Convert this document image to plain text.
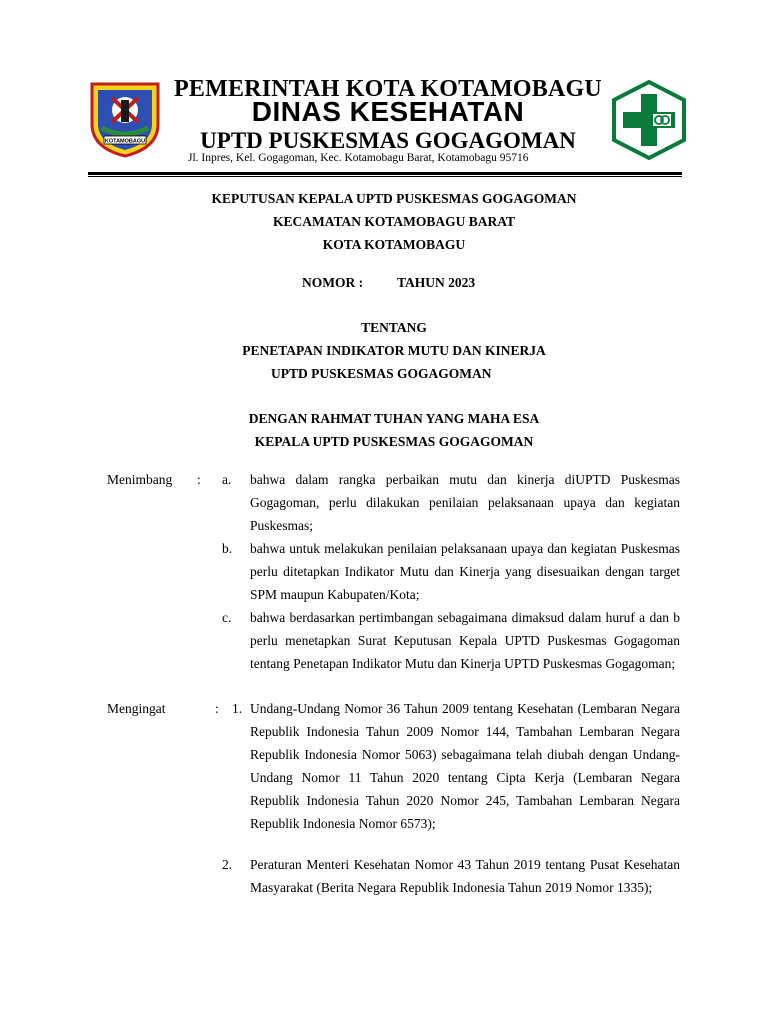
KOTAMOBAGU
PEMERINTAH KOTA KOTAMOBAGU
DINAS KESEHATAN
UPTD PUSKESMAS GOGAGOMAN
Jl. Inpres, Kel. Gogagoman, Kec. Kotamobagu Barat, Kotamobagu 95716
KEPUTUSAN KEPALA UPTD PUSKESMAS GOGAGOMAN
KECAMATAN KOTAMOBAGU BARAT
KOTA KOTAMOBAGU
NOMOR :	TAHUN 2023
TENTANG
PENETAPAN INDIKATOR MUTU DAN KINERJA
UPTD PUSKESMAS GOGAGOMAN
DENGAN RAHMAT TUHAN YANG MAHA ESA
KEPALA UPTD PUSKESMAS GOGAGOMAN
Menimbang : a. bahwa dalam rangka perbaikan mutu dan kinerja diUPTD Puskesmas Gogagoman, perlu dilakukan penilaian pelaksanaan upaya dan kegiatan Puskesmas;
b. bahwa untuk melakukan penilaian pelaksanaan upaya dan kegiatan Puskesmas perlu ditetapkan Indikator Mutu dan Kinerja yang disesuaikan dengan target SPM maupun Kabupaten/Kota;
c. bahwa berdasarkan pertimbangan sebagaimana dimaksud dalam huruf a dan b perlu menetapkan Surat Keputusan Kepala UPTD Puskesmas Gogagoman tentang Penetapan Indikator Mutu dan Kinerja UPTD Puskesmas Gogagoman;
Mengingat	: 1. Undang-Undang Nomor 36 Tahun 2009 tentang Kesehatan (Lembaran Negara Republik Indonesia Tahun 2009 Nomor 144, Tambahan Lembaran Negara Republik Indonesia Nomor 5063) sebagaimana telah diubah dengan Undang-Undang Nomor 11 Tahun 2020 tentang Cipta Kerja (Lembaran Negara Republik Indonesia Tahun 2020 Nomor 245, Tambahan Lembaran Negara Republik Indonesia Nomor 6573);
2. Peraturan Menteri Kesehatan Nomor 43 Tahun 2019 tentang Pusat Kesehatan Masyarakat (Berita Negara Republik Indonesia Tahun 2019 Nomor 1335);
